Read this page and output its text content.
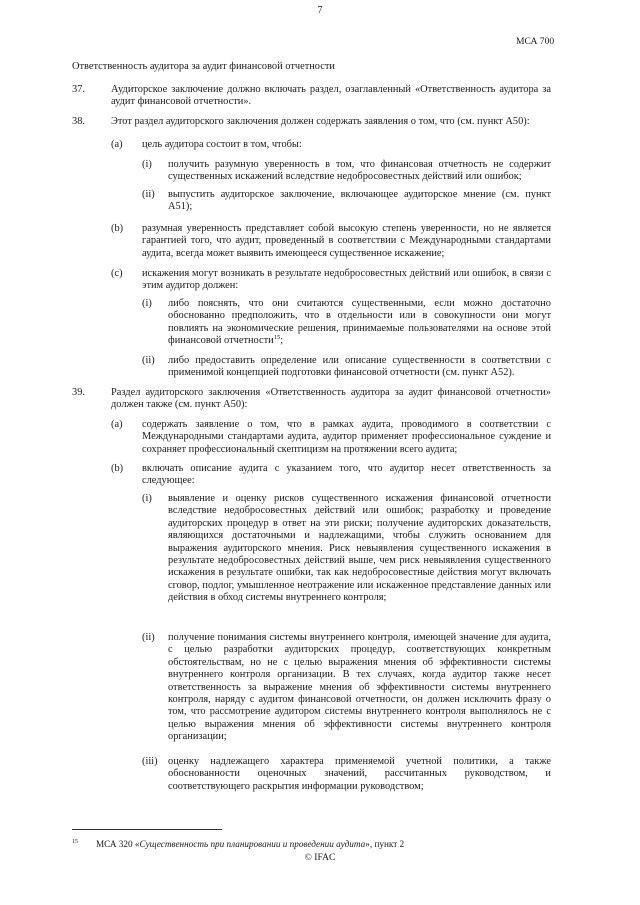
7
МСА 700
Ответственность аудитора за аудит финансовой отчетности
37.	Аудиторское заключение должно включать раздел, озаглавленный «Ответственность аудитора за аудит финансовой отчетности».
38.	Этот раздел аудиторского заключения должен содержать заявления о том, что (см. пункт A50):
(a) цель аудитора состоит в том, чтобы:
(i) получить разумную уверенность в том, что финансовая отчетность не содержит существенных искажений вследствие недобросовестных действий или ошибок;
(ii) выпустить аудиторское заключение, включающее аудиторское мнение (см. пункт A51);
(b) разумная уверенность представляет собой высокую степень уверенности, но не является гарантией того, что аудит, проведенный в соответствии с Международными стандартами аудита, всегда может выявить имеющееся существенное искажение;
(c) искажения могут возникать в результате недобросовестных действий или ошибок, в связи с этим аудитор должен:
(i) либо пояснять, что они считаются существенными, если можно достаточно обоснованно предположить, что в отдельности или в совокупности они могут повлиять на экономические решения, принимаемые пользователями на основе этой финансовой отчетности$^{15}$;
(ii) либо предоставить определение или описание существенности в соответствии с применимой концепцией подготовки финансовой отчетности (см. пункт A52).
39.	Раздел аудиторского заключения «Ответственность аудитора за аудит финансовой отчетности» должен также (см. пункт A50):
(a) содержать заявление о том, что в рамках аудита, проводимого в соответствии с Международными стандартами аудита, аудитор применяет профессиональное суждение и сохраняет профессиональный скептицизм на протяжении всего аудита;
(b) включать описание аудита с указанием того, что аудитор несет ответственность за следующее:
(i) выявление и оценку рисков существенного искажения финансовой отчетности вследствие недобросовестных действий или ошибок; разработку и проведение аудиторских процедур в ответ на эти риски; получение аудиторских доказательств, являющихся достаточными и надлежащими, чтобы служить основанием для выражения аудиторского мнения. Риск невыявления существенного искажения в результате недобросовестных действий выше, чем риск невыявления существенного искажения в результате ошибки, так как недобросовестные действия могут включать сговор, подлог, умышленное неотражение или искаженное представление данных или действия в обход системы внутреннего контроля;
(ii) получение понимания системы внутреннего контроля, имеющей значение для аудита, с целью разработки аудиторских процедур, соответствующих конкретным обстоятельствам, но не с целью выражения мнения об эффективности системы внутреннего контроля организации. В тех случаях, когда аудитор также несет ответственность за выражение мнения об эффективности системы внутреннего контроля, наряду с аудитом финансовой отчетности, он должен исключить фразу о том, что рассмотрение аудитором системы внутреннего контроля выполнялось не с целью выражения мнения об эффективности системы внутреннего контроля организации;
(iii) оценку надлежащего характера применяемой учетной политики, а также обоснованности оценочных значений, рассчитанных руководством, и соответствующего раскрытия информации руководством;
15 МСА 320 «Существенность при планировании и проведении аудита», пункт 2
© IFAC
